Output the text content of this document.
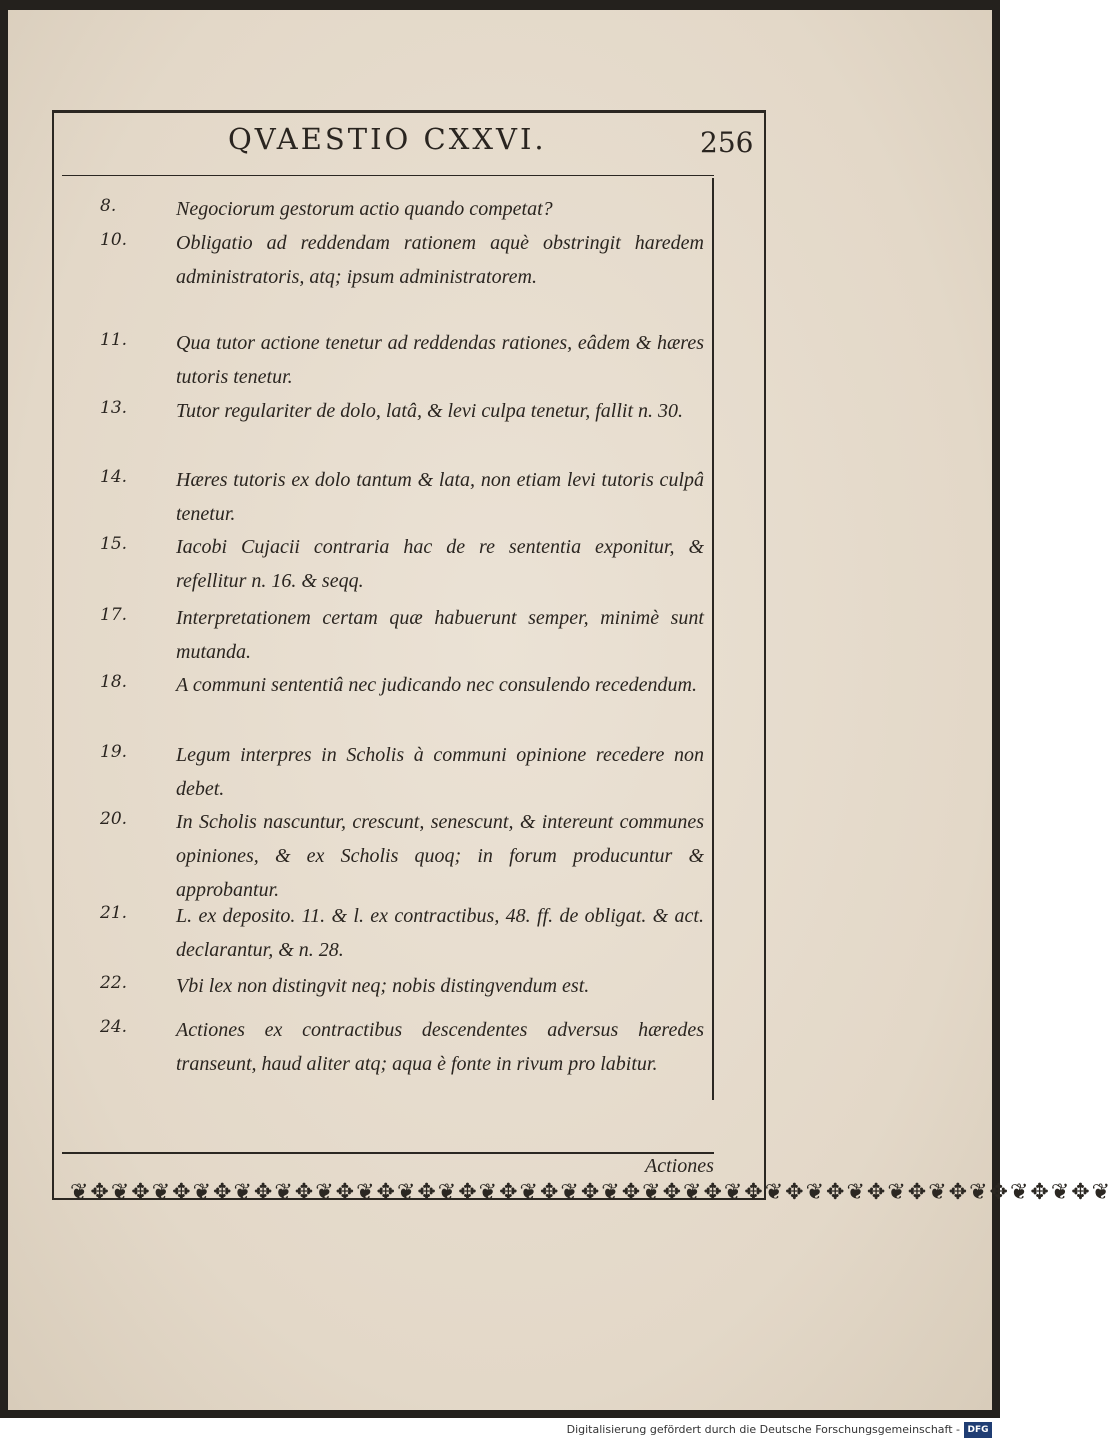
QVAESTIO CXXVI.	256
8.	Negociorum gestorum actio quando competat?
10.	Obligatio ad reddendam rationem aquè obstringit haredem administratoris, atq; ipsum administratorem.
11.	Qua tutor actione tenetur ad reddendas rationes, eâdem & hæres tutoris tenetur.
13.	Tutor regulariter de dolo, latâ, & levi culpa tenetur, fallit n. 30.
14.	Hæres tutoris ex dolo tantum & lata, non etiam levi tutoris culpâ tenetur.
15.	Iacobi Cujacii contraria hac de re sententia exponitur, & refellitur n. 16. & seqq.
17.	Interpretationem certam quæ habuerunt semper, minimè sunt mutanda.
18.	A communi sententiâ nec judicando nec consulendo recedendum.
19.	Legum interpres in Scholis à communi opinione recedere non debet.
20.	In Scholis nascuntur, crescunt, senescunt, & intereunt communes opiniones, & ex Scholis quoq; in forum producuntur & approbantur.
21.	L. ex deposito. 11. & l. ex contractibus, 48. ff. de obligat. & act. declarantur, & n. 28.
22.	Vbi lex non distingvit neq; nobis distingvendum est.
24.	Actiones ex contractibus descendentes adversus hæredes transeunt, haud aliter atq; aqua è fonte in rivum pro labitur.
Actiones
❦✥❦✥❦✥❦✥❦✥❦✥❦✥❦✥❦✥❦✥❦✥❦✥❦✥❦✥❦✥❦✥❦✥❦✥❦✥❦✥❦✥❦✥❦✥❦✥❦✥❦
Digitalisierung gefördert durch die Deutsche Forschungsgemeinschaft - DFG
